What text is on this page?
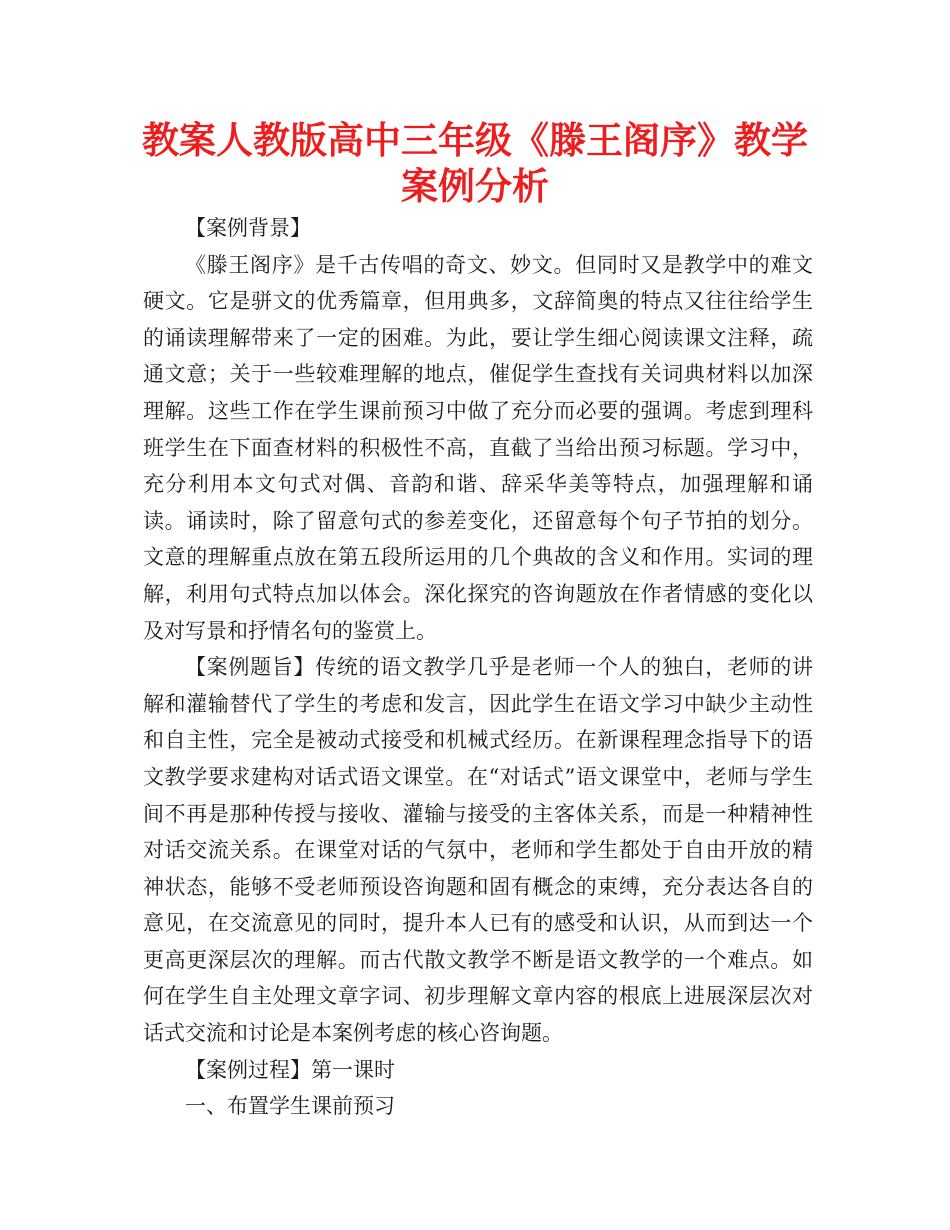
教案人教版高中三年级《滕王阁序》教学
案例分析

【案例背景】

《滕王阁序》是千古传唱的奇文、妙文。但同时又是教学中的难文硬文。它是骈文的优秀篇章，但用典多，文辞简奥的特点又往往给学生的诵读理解带来了一定的困难。为此，要让学生细心阅读课文注释，疏通文意；关于一些较难理解的地点，催促学生查找有关词典材料以加深理解。这些工作在学生课前预习中做了充分而必要的强调。考虑到理科班学生在下面查材料的积极性不高，直截了当给出预习标题。学习中，充分利用本文句式对偶、音韵和谐、辞采华美等特点，加强理解和诵读。诵读时，除了留意句式的参差变化，还留意每个句子节拍的划分。文意的理解重点放在第五段所运用的几个典故的含义和作用。实词的理解，利用句式特点加以体会。深化探究的咨询题放在作者情感的变化以及对写景和抒情名句的鉴赏上。

【案例题旨】传统的语文教学几乎是老师一个人的独白，老师的讲解和灌输替代了学生的考虑和发言，因此学生在语文学习中缺少主动性和自主性，完全是被动式接受和机械式经历。在新课程理念指导下的语文教学要求建构对话式语文课堂。在“对话式”语文课堂中，老师与学生间不再是那种传授与接收、灌输与接受的主客体关系，而是一种精神性对话交流关系。在课堂对话的气氛中，老师和学生都处于自由开放的精神状态，能够不受老师预设咨询题和固有概念的束缚，充分表达各自的意见，在交流意见的同时，提升本人已有的感受和认识，从而到达一个更高更深层次的理解。而古代散文教学不断是语文教学的一个难点。如何在学生自主处理文章字词、初步理解文章内容的根底上进展深层次对话式交流和讨论是本案例考虑的核心咨询题。

【案例过程】第一课时

一、布置学生课前预习
